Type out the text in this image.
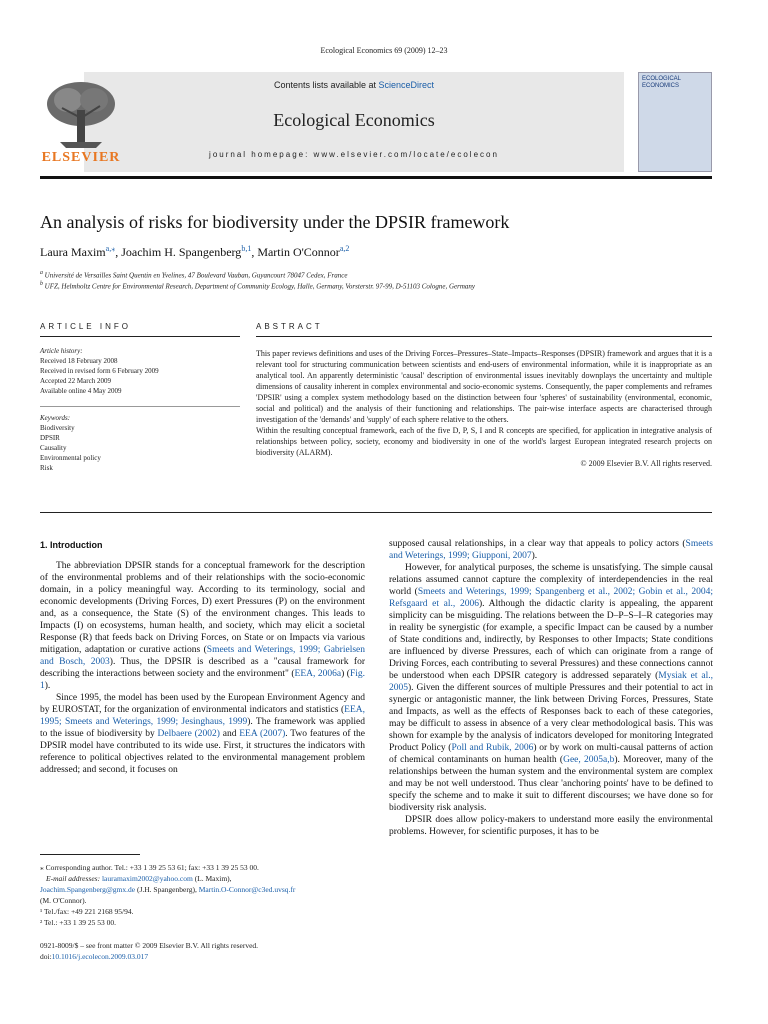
Ecological Economics 69 (2009) 12–23
ELSEVIER
Contents lists available at ScienceDirect
Ecological Economics
journal homepage: www.elsevier.com/locate/ecolecon
ECOLOGICAL ECONOMICS
An analysis of risks for biodiversity under the DPSIR framework
Laura Maxim$^{a,⁎}$, Joachim H. Spangenberg$^{b,1}$, Martin O'Connor$^{a,2}$
$^a$ Université de Versailles Saint Quentin en Yvelines, 47 Boulevard Vauban, Guyancourt 78047 Cedex, France
$^b$ UFZ, Helmholtz Centre for Environmental Research, Department of Community Ecology, Halle, Germany, Vorsterstr. 97-99, D-51103 Cologne, Germany
ARTICLE INFO
Article history:
Received 18 February 2008
Received in revised form 6 February 2009
Accepted 22 March 2009
Available online 4 May 2009
Keywords:
Biodiversity
DPSIR
Causality
Environmental policy
Risk
ABSTRACT
This paper reviews definitions and uses of the Driving Forces–Pressures–State–Impacts–Responses (DPSIR) framework and argues that it is a relevant tool for structuring communication between scientists and end-users of environmental information, while it is inappropriate as an analytical tool. An apparently deterministic 'causal' description of environmental issues inevitably downplays the uncertainty and multiple dimensions of causality inherent in complex environmental and socio-economic systems. Consequently, the paper complements and reframes 'DPSIR' using a complex system methodology based on the distinction between four 'spheres' of sustainability (environmental, economic, social and political) and the analysis of their functioning and relationships. The pair-wise interface aspects are characterised through investigation of the 'demands' and 'supply' of each sphere relative to the others.
Within the resulting conceptual framework, each of the five D, P, S, I and R concepts are specified, for application in integrative analysis of relationships between policy, society, economy and biodiversity in one of the world's largest European integrated research projects on biodiversity (ALARM).
© 2009 Elsevier B.V. All rights reserved.
1. Introduction

The abbreviation DPSIR stands for a conceptual framework for the description of the environmental problems and of their relationships with the socio-economic domain, in a policy meaningful way. According to its terminology, social and economic developments (Driving Forces, D) exert Pressures (P) on the environment and, as a consequence, the State (S) of the environment changes. This leads to Impacts (I) on ecosystems, human health, and society, which may elicit a societal Response (R) that feeds back on Driving Forces, on State or on Impacts via various mitigation, adaptation or curative actions (Smeets and Weterings, 1999; Gabrielsen and Bosch, 2003). Thus, the DPSIR is described as a "causal framework for describing the interactions between society and the environment" (EEA, 2006a) (Fig. 1).

Since 1995, the model has been used by the European Environment Agency and by EUROSTAT, for the organization of environmental indicators and statistics (EEA, 1995; Smeets and Weterings, 1999; Jesinghaus, 1999). The framework was applied to the issue of biodiversity by Delbaere (2002) and EEA (2007). Two features of the DPSIR model have contributed to its wide use. First, it structures the indicators with reference to political objectives related to the environmental management problem addressed; and second, it focuses on

supposed causal relationships, in a clear way that appeals to policy actors (Smeets and Weterings, 1999; Giupponi, 2007).

However, for analytical purposes, the scheme is unsatisfying. The simple causal relations assumed cannot capture the complexity of interdependencies in the real world (Smeets and Weterings, 1999; Spangenberg et al., 2002; Gobin et al., 2004; Refsgaard et al., 2006). Although the didactic clarity is appealing, the apparent simplicity can be misguiding. The relations between the D–P–S–I–R categories may in reality be synergistic (for example, a specific Impact can be caused by a number of State conditions and, indirectly, by Responses to other Impacts; State conditions are influenced by diverse Pressures, each of which can originate from a range of Driving Forces, each contributing to several Pressures) and these connections cannot be understood when each DPSIR category is addressed separately (Mysiak et al., 2005). Given the different sources of multiple Pressures and their potential to act in synergic or antagonistic manner, the link between Driving Forces, Pressures, State and Impacts, as well as the effects of Responses back to each of these categories, may be difficult to assess in absence of a very clear methodological basis. This was shown for example by the analysis of indicators developed for monitoring Integrated Product Policy (Poll and Rubik, 2006) or by work on multi-causal patterns of action of chemical contaminants on human health (Gee, 2005a,b). Moreover, many of the relationships between the human system and the environmental system are complex and may be not well understood. Thus clear 'anchoring points' have to be defined to specify the scheme and to make it suit to different discourses; we have done so for biodiversity risk analysis.

DPSIR does allow policy-makers to understand more easily the environmental problems. However, for scientific purposes, it has to be

⁎ Corresponding author. Tel.: +33 1 39 25 53 61; fax: +33 1 39 25 53 00.
E-mail addresses: lauramaxim2002@yahoo.com (L. Maxim),
Joachim.Spangenberg@gmx.de (J.H. Spangenberg), Martin.O-Connor@c3ed.uvsq.fr
(M. O'Connor).
¹ Tel./fax: +49 221 2168 95/94.
² Tel.: +33 1 39 25 53 00.
0921-8009/$ – see front matter © 2009 Elsevier B.V. All rights reserved.
doi:10.1016/j.ecolecon.2009.03.017
